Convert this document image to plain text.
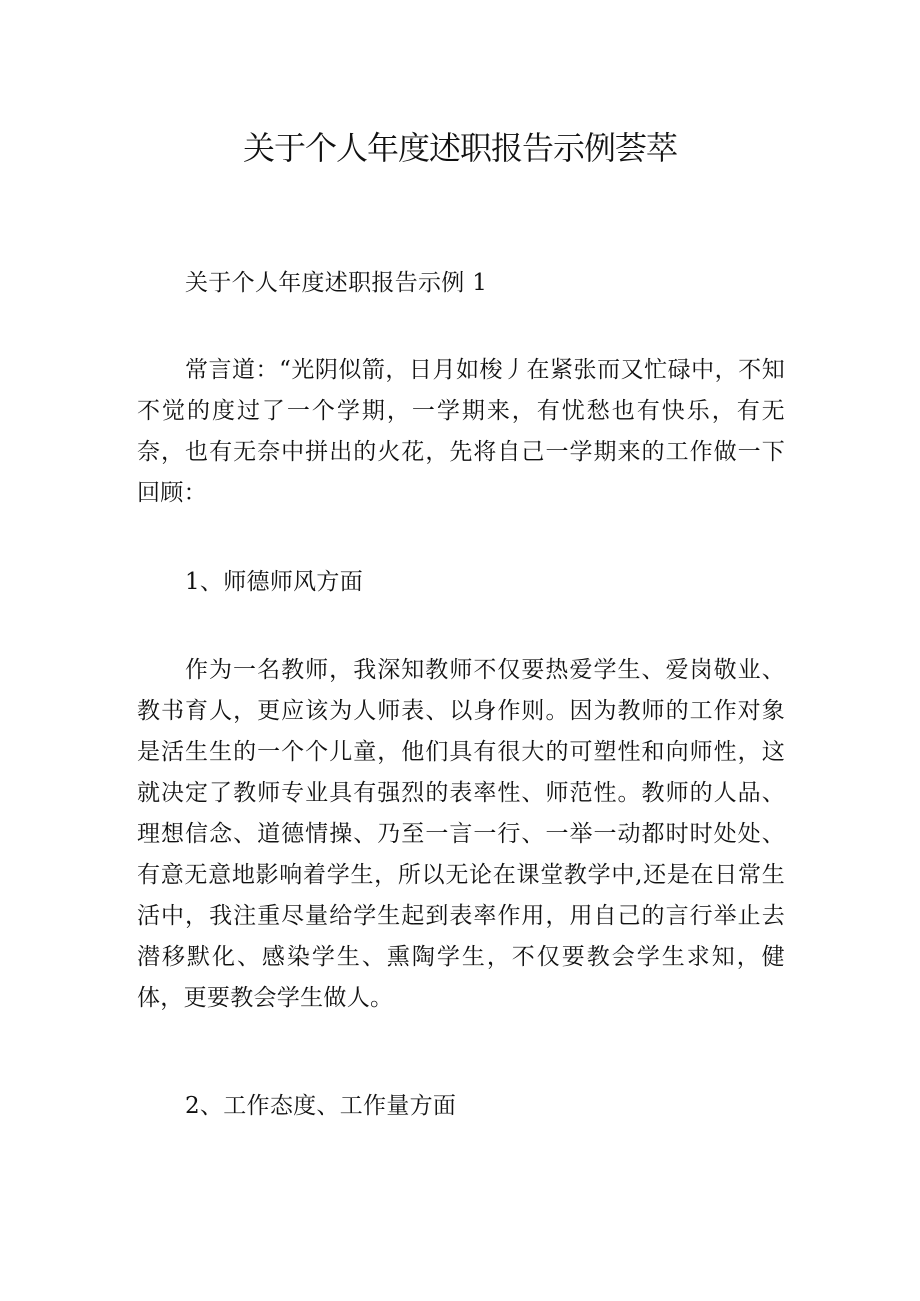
关于个人年度述职报告示例荟萃

关于个人年度述职报告示例 1

常言道：“光阴似箭，日月如梭丿在紧张而又忙碌中，不知不觉的度过了一个学期，一学期来，有忧愁也有快乐，有无奈，也有无奈中拼出的火花，先将自己一学期来的工作做一下回顾：

1、师德师风方面

作为一名教师，我深知教师不仅要热爱学生、爱岗敬业、教书育人，更应该为人师表、以身作则。因为教师的工作对象是活生生的一个个儿童，他们具有很大的可塑性和向师性，这就决定了教师专业具有强烈的表率性、师范性。教师的人品、理想信念、道德情操、乃至一言一行、一举一动都时时处处、有意无意地影响着学生，所以无论在课堂教学中,还是在日常生活中，我注重尽量给学生起到表率作用，用自己的言行举止去潜移默化、感染学生、熏陶学生，不仅要教会学生求知，健体，更要教会学生做人。

2、工作态度、工作量方面
